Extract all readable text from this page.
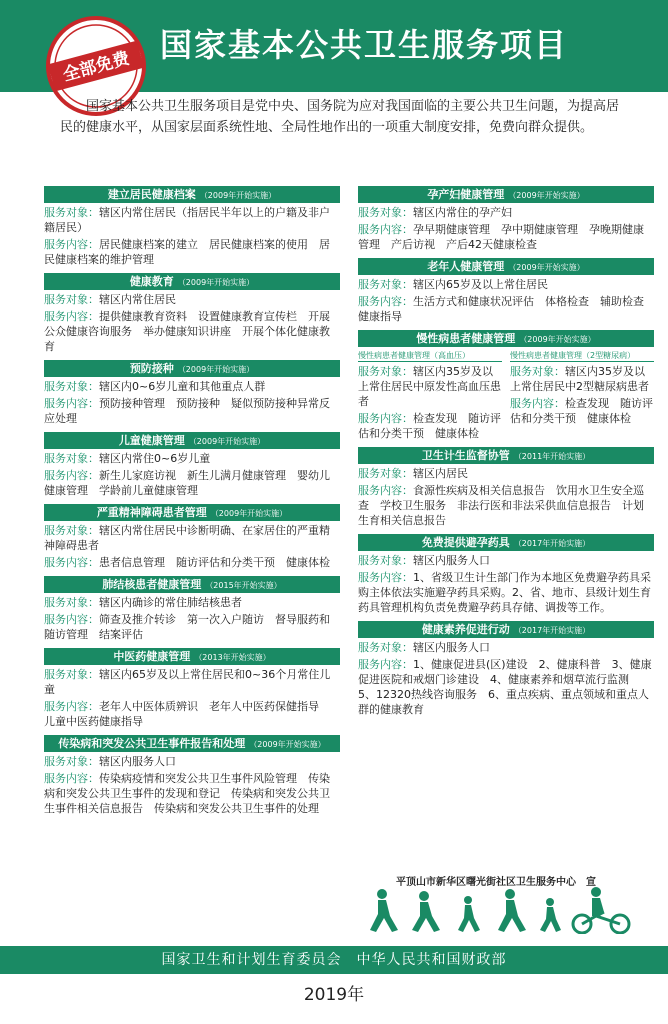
国家基本公共卫生服务项目
全部免费

国家基本公共卫生服务项目是党中央、国务院为应对我国面临的主要公共卫生问题，为提高居民的健康水平，从国家层面系统性地、全局性地作出的一项重大制度安排，免费向群众提供。

建立居民健康档案 （2009年开始实施）
服务对象：辖区内常住居民（指居民半年以上的户籍及非户籍居民）
服务内容：居民健康档案的建立　居民健康档案的使用　居民健康档案的维护管理
健康教育 （2009年开始实施）
服务对象：辖区内常住居民
服务内容：提供健康教育资料　设置健康教育宣传栏　开展公众健康咨询服务　举办健康知识讲座　开展个体化健康教育
预防接种 （2009年开始实施）
服务对象：辖区内0~6岁儿童和其他重点人群
服务内容：预防接种管理　预防接种　疑似预防接种异常反应处理
儿童健康管理 （2009年开始实施）
服务对象：辖区内常住0~6岁儿童
服务内容：新生儿家庭访视　新生儿满月健康管理　婴幼儿健康管理　学龄前儿童健康管理
严重精神障碍患者管理 （2009年开始实施）
服务对象：辖区内常住居民中诊断明确、在家居住的严重精神障碍患者
服务内容：患者信息管理　随访评估和分类干预　健康体检
肺结核患者健康管理 （2015年开始实施）
服务对象：辖区内确诊的常住肺结核患者
服务内容：筛查及推介转诊　第一次入户随访　督导服药和随访管理　结案评估
中医药健康管理 （2013年开始实施）
服务对象：辖区内65岁及以上常住居民和0~36个月常住儿童
服务内容：老年人中医体质辨识　老年人中医药保健指导　儿童中医药健康指导
传染病和突发公共卫生事件报告和处理 （2009年开始实施）
服务对象：辖区内服务人口
服务内容：传染病疫情和突发公共卫生事件风险管理　传染病和突发公共卫生事件的发现和登记　传染病和突发公共卫生事件相关信息报告　传染病和突发公共卫生事件的处理
孕产妇健康管理 （2009年开始实施）
服务对象：辖区内常住的孕产妇
服务内容：孕早期健康管理　孕中期健康管理　孕晚期健康管理　产后访视　产后42天健康检查
老年人健康管理 （2009年开始实施）
服务对象：辖区内65岁及以上常住居民
服务内容：生活方式和健康状况评估　体格检查　辅助检查　健康指导
慢性病患者健康管理 （2009年开始实施）
慢性病患者健康管理（高血压）
服务对象：辖区内35岁及以上常住居民中原发性高血压患者
服务内容：检查发现　随访评估和分类干预　健康体检
慢性病患者健康管理（2型糖尿病）
服务对象：辖区内35岁及以上常住居民中2型糖尿病患者
服务内容：检查发现　随访评估和分类干预　健康体检
卫生计生监督协管 （2011年开始实施）
服务对象：辖区内居民
服务内容：食源性疾病及相关信息报告　饮用水卫生安全巡查　学校卫生服务　非法行医和非法采供血信息报告　计划生育相关信息报告
免费提供避孕药具 （2017年开始实施）
服务对象：辖区内服务人口
服务内容：1、省级卫生计生部门作为本地区免费避孕药具采购主体依法实施避孕药具采购。2、省、地市、县级计划生育药具管理机构负责免费避孕药具存储、调拨等工作。
健康素养促进行动 （2017年开始实施）
服务对象：辖区内服务人口
服务内容：1、健康促进县(区)建设　2、健康科普　3、健康促进医院和戒烟门诊建设　4、健康素养和烟草流行监测　5、12320热线咨询服务　6、重点疾病、重点领域和重点人群的健康教育
平顶山市新华区曙光街社区卫生服务中心　宣
国家卫生和计划生育委员会　中华人民共和国财政部
2019年
